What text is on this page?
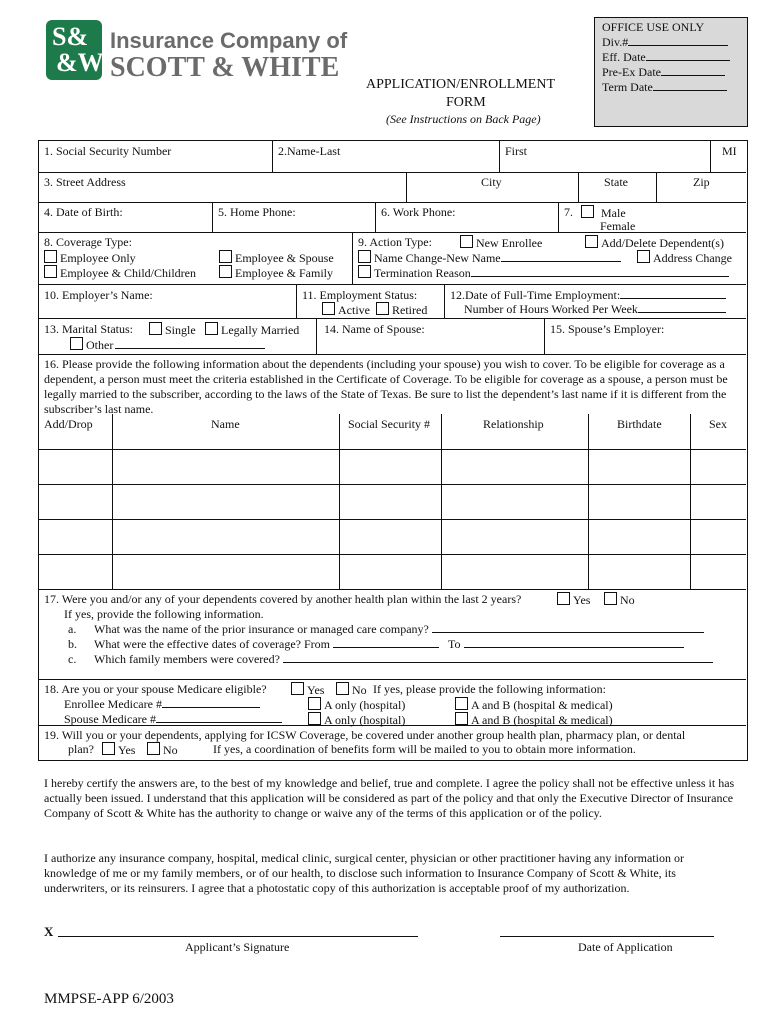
S&
&W
Insurance Company of
SCOTT & WHITE
APPLICATION/ENROLLMENT
FORM
(See Instructions on Back Page)
OFFICE USE ONLY
Div.#
Eff. Date
Pre-Ex Date
Term Date
1. Social Security Number	2.Name-Last	First	MI
3. Street Address	City	State	Zip
4. Date of Birth:	5. Home Phone:	6. Work Phone:	7.	Male
Female
8. Coverage Type:
Employee Only	Employee & Spouse
Employee & Child/Children	Employee & Family
9. Action Type:	New Enrollee	Add/Delete Dependent(s)
Name Change-New Name	Address Change
Termination Reason
10. Employer’s Name:	11. Employment Status:
Active	Retired
12.Date of Full-Time Employment:
Number of Hours Worked Per Week
13. Marital Status:	Single	Legally Married
Other
14. Name of Spouse:	15. Spouse’s Employer:
16. Please provide the following information about the dependents (including your spouse) you wish to cover. To be eligible for coverage as a dependent, a person must meet the criteria established in the Certificate of Coverage. To be eligible for coverage as a spouse, a person must be legally married to the subscriber, according to the laws of the State of Texas. Be sure to list the dependent’s last name if it is different from the subscriber’s last name.
Add/Drop	Name	Social Security #	Relationship	Birthdate	Sex
17. Were you and/or any of your dependents covered by another health plan within the last 2 years?	Yes	No
If yes, provide the following information.
a. What was the name of the prior insurance or managed care company?
b. What were the effective dates of coverage? From	To
c. Which family members were covered?
18. Are you or your spouse Medicare eligible?	Yes	No If yes, please provide the following information:
Enrollee Medicare #	A only (hospital)	A and B (hospital & medical)
Spouse Medicare #	A only (hospital)	A and B (hospital & medical)
19. Will you or your dependents, applying for ICSW Coverage, be covered under another group health plan, pharmacy plan, or dental
plan?	Yes	No	If yes, a coordination of benefits form will be mailed to you to obtain more information.
I hereby certify the answers are, to the best of my knowledge and belief, true and complete. I agree the policy shall not be effective unless it has actually been issued. I understand that this application will be considered as part of the policy and that only the Executive Director of Insurance Company of Scott & White has the authority to change or waive any of the terms of this application or of the policy.
I authorize any insurance company, hospital, medical clinic, surgical center, physician or other practitioner having any information or knowledge of me or my family members, or of our health, to disclose such information to Insurance Company of Scott & White, its underwriters, or its reinsurers. I agree that a photostatic copy of this authorization is acceptable proof of my authorization.
X
Applicant’s Signature	Date of Application
MMPSE-APP 6/2003
